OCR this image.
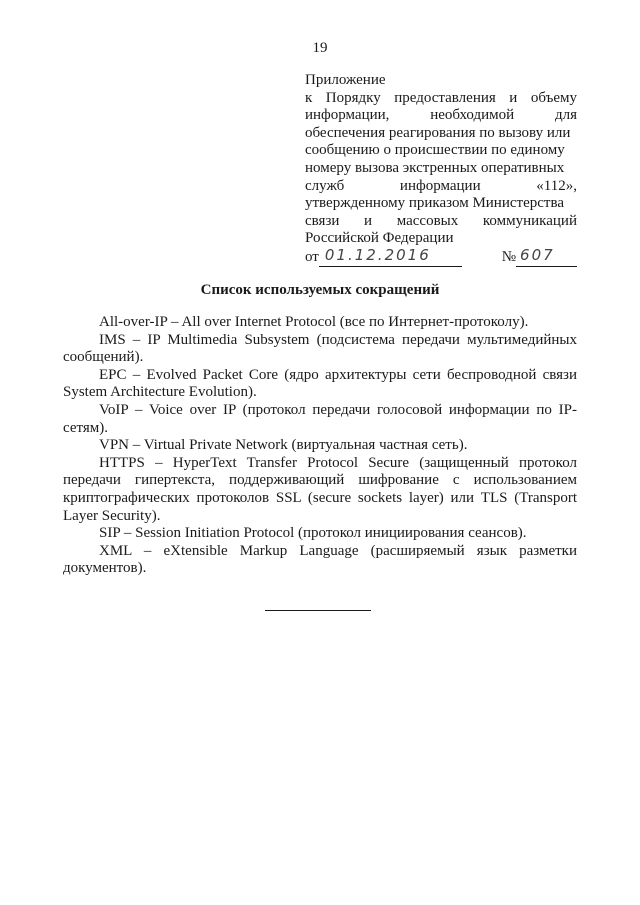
19
Приложение
к Порядку предоставления и объему
информации,	необходимой	для
обеспечения реагирования по вызову или
сообщению о происшествии по единому
номеру вызова экстренных оперативных
служб	информации	«112»,
утвержденному приказом Министерства
связи и массовых коммуникаций
Российской Федерации
от 01.12.2016	№ 607
Список используемых сокращений

All-over-IP – All over Internet Protocol (все по Интернет-протоколу).

IMS – IP Multimedia Subsystem (подсистема передачи мультимедийных сообщений).

EPC – Evolved Packet Core (ядро архитектуры сети беспроводной связи System Architecture Evolution).

VoIP – Voice over IP (протокол передачи голосовой информации по IP-сетям).

VPN – Virtual Private Network (виртуальная частная сеть).

HTTPS – HyperText Transfer Protocol Secure (защищенный протокол передачи гипертекста, поддерживающий шифрование с использованием криптографических протоколов SSL (secure sockets layer) или TLS (Transport Layer Security).

SIP – Session Initiation Protocol (протокол инициирования сеансов).

XML – eXtensible Markup Language (расширяемый язык разметки документов).
